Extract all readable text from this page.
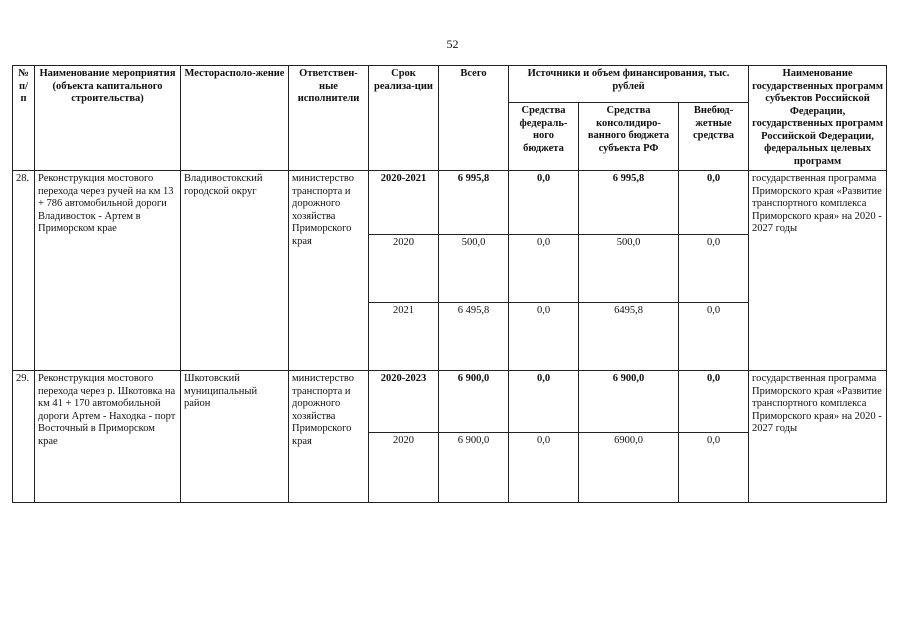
52
№ п/п	Наименование мероприятия (объекта капитального строительства)	Месторасполо-жение	Ответствен-ные исполнители	Срок реализа-ции	Всего	Источники и объем финансирования, тыс. рублей			Наименование государственных программ субъектов Российской Федерации, государственных программ Российской Федерации, федеральных целевых программ
						Средства федераль-ного бюджета	Средства консолидиро-ванного бюджета субъекта РФ	Внебюд-жетные средства	
28.	Реконструкция мостового перехода через ручей на км 13 + 786 автомобильной дороги Владивосток - Артем в Приморском крае	Владивостокский городской округ	министерство транспорта и дорожного хозяйства Приморского края	2020-2021	6 995,8	0,0	6 995,8	0,0	государственная программа Приморского края «Развитие транспортного комплекса Приморского края» на 2020 - 2027 годы
				2020	500,0	0,0	500,0	0,0	
				2021	6 495,8	0,0	6495,8	0,0	
29.	Реконструкция мостового перехода через р. Шкотовка на км 41 + 170 автомобильной дороги Артем - Находка - порт Восточный в Приморском крае	Шкотовский муниципальный район	министерство транспорта и дорожного хозяйства Приморского края	2020-2023	6 900,0	0,0	6 900,0	0,0	государственная программа Приморского края «Развитие транспортного комплекса Приморского края» на 2020 - 2027 годы
				2020	6 900,0	0,0	6900,0	0,0	
